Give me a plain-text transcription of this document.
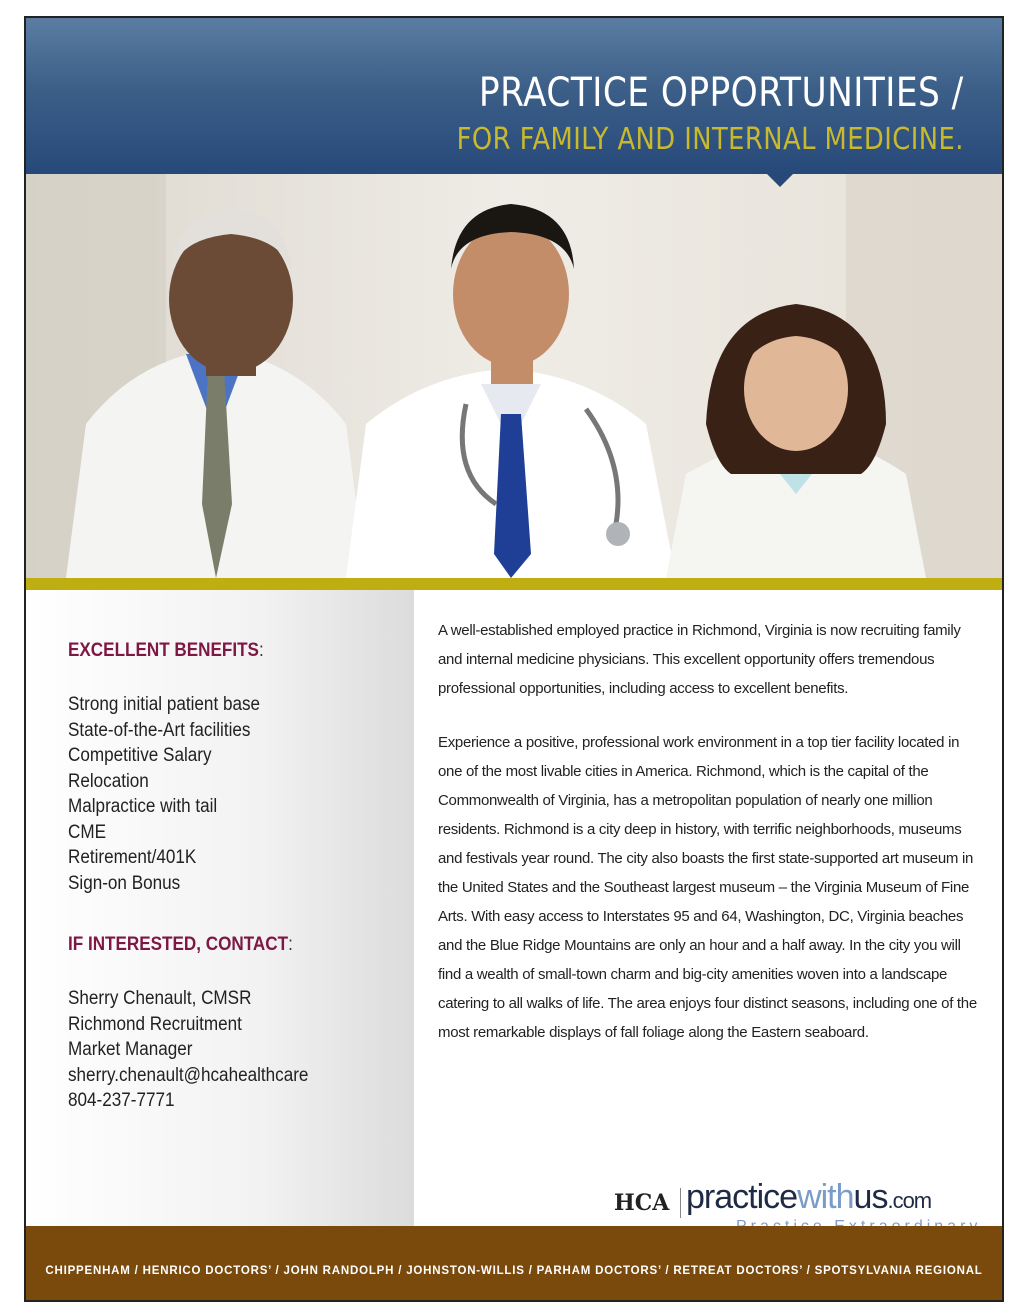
PRACTICE OPPORTUNITIES /
FOR FAMILY AND INTERNAL MEDICINE.
EXCELLENT BENEFITS:
Strong initial patient base
State-of-the-Art facilities
Competitive Salary
Relocation
Malpractice with tail
CME
Retirement/401K
Sign-on Bonus
IF INTERESTED, CONTACT:
Sherry Chenault, CMSR
Richmond Recruitment
Market Manager
sherry.chenault@hcahealthcare
804-237-7771

A well-established employed practice in Richmond, Virginia is now recruiting family and internal medicine physicians. This excellent opportunity offers tremendous professional opportunities, including access to excellent benefits.

Experience a positive, professional work environment in a top tier facility located in one of the most livable cities in America. Richmond, which is the capital of the Commonwealth of Virginia, has a metropolitan population of nearly one million residents. Richmond is a city deep in history, with terrific neighborhoods, museums and festivals year round. The city also boasts the first state-supported art museum in the United States and the Southeast largest museum – the Virginia Museum of Fine Arts. With easy access to Interstates 95 and 64, Washington, DC, Virginia beaches and the Blue Ridge Mountains are only an hour and a half away. In the city you will find a wealth of small-town charm and big-city amenities woven into a landscape catering to all walks of life. The area enjoys four distinct seasons, including one of the most remarkable displays of fall foliage along the Eastern seaboard.

HCA practicewithus.com
CHIPPENHAM / HENRICO DOCTORS’ / JOHN RANDOLPH / JOHNSTON-WILLIS / PARHAM DOCTORS’ / RETREAT DOCTORS’ / SPOTSYLVANIA REGIONAL
